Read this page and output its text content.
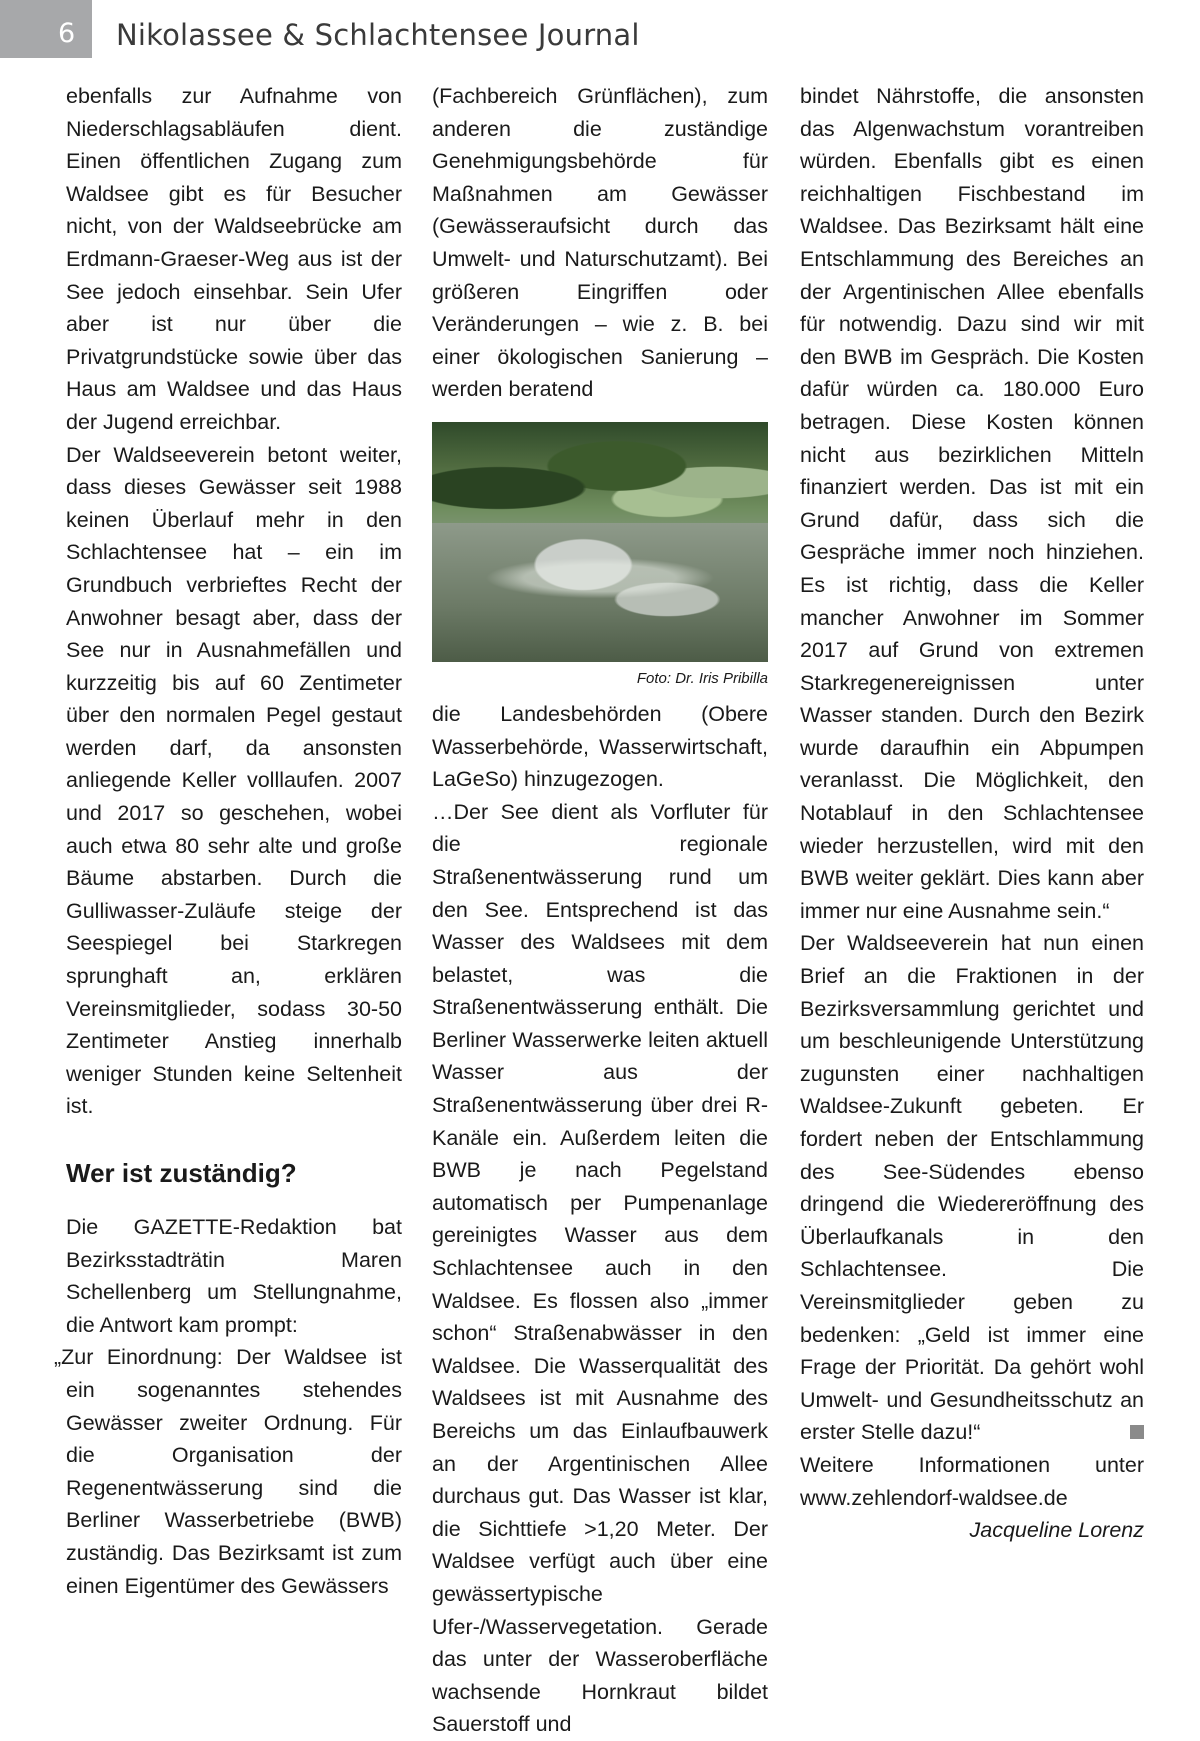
6 Nikolassee & Schlachtensee Journal

ebenfalls zur Aufnahme von Niederschlagsabläufen dient. Einen öffentlichen Zugang zum Waldsee gibt es für Besucher nicht, von der Waldseebrücke am Erdmann-Graeser-Weg aus ist der See jedoch einsehbar. Sein Ufer aber ist nur über die Privatgrundstücke sowie über das Haus am Waldsee und das Haus der Jugend erreichbar.

Der Waldseeverein betont weiter, dass dieses Gewässer seit 1988 keinen Überlauf mehr in den Schlachtensee hat – ein im Grundbuch verbrieftes Recht der Anwohner besagt aber, dass der See nur in Ausnahmefällen und kurzzeitig bis auf 60 Zentimeter über den normalen Pegel gestaut werden darf, da ansonsten anliegende Keller volllaufen. 2007 und 2017 so geschehen, wobei auch etwa 80 sehr alte und große Bäume abstarben. Durch die Gulliwasser-Zuläufe steige der Seespiegel bei Starkregen sprunghaft an, erklären Vereinsmitglieder, sodass 30-50 Zentimeter Anstieg innerhalb weniger Stunden keine Seltenheit ist.

Wer ist zuständig?

Die GAZETTE-Redaktion bat Bezirksstadträtin Maren Schellenberg um Stellungnahme, die Antwort kam prompt:

„Zur Einordnung: Der Waldsee ist ein sogenanntes stehendes Gewässer zweiter Ordnung. Für die Organisation der Regenentwässerung sind die Berliner Wasserbetriebe (BWB) zuständig. Das Bezirksamt ist zum einen Eigentümer des Gewässers

(Fachbereich Grünflächen), zum anderen die zuständige Genehmigungsbehörde für Maßnahmen am Gewässer (Gewässeraufsicht durch das Umwelt- und Naturschutzamt). Bei größeren Eingriffen oder Veränderungen – wie z. B. bei einer ökologischen Sanierung – werden beratend

Foto: Dr. Iris Pribilla

die Landesbehörden (Obere Wasserbehörde, Wasserwirtschaft, LaGeSo) hinzugezogen.

…Der See dient als Vorfluter für die regionale Straßenentwässerung rund um den See. Entsprechend ist das Wasser des Waldsees mit dem belastet, was die Straßenentwässerung enthält. Die Berliner Wasserwerke leiten aktuell Wasser aus der Straßenentwässerung über drei R-Kanäle ein. Außerdem leiten die BWB je nach Pegelstand automatisch per Pumpenanlage gereinigtes Wasser aus dem Schlachtensee auch in den Waldsee. Es flossen also „immer schon“ Straßenabwässer in den Waldsee. Die Wasserqualität des Waldsees ist mit Ausnahme des Bereichs um das Einlaufbauwerk an der Argentinischen Allee durchaus gut. Das Wasser ist klar, die Sichttiefe >1,20 Meter. Der Waldsee verfügt auch über eine gewässertypische Ufer-/Wasservegetation. Gerade das unter der Wasseroberfläche wachsende Hornkraut bildet Sauerstoff und

bindet Nährstoffe, die ansonsten das Algenwachstum vorantreiben würden. Ebenfalls gibt es einen reichhaltigen Fischbestand im Waldsee. Das Bezirksamt hält eine Entschlammung des Bereiches an der Argentinischen Allee ebenfalls für notwendig. Dazu sind wir mit den BWB im Gespräch. Die Kosten dafür würden ca. 180.000 Euro betragen. Diese Kosten können nicht aus bezirklichen Mitteln finanziert werden. Das ist mit ein Grund dafür, dass sich die Gespräche immer noch hinziehen. Es ist richtig, dass die Keller mancher Anwohner im Sommer 2017 auf Grund von extremen Starkregenereignissen unter Wasser standen. Durch den Bezirk wurde daraufhin ein Abpumpen veranlasst. Die Möglichkeit, den Notablauf in den Schlachtensee wieder herzustellen, wird mit den BWB weiter geklärt. Dies kann aber immer nur eine Ausnahme sein.“

Der Waldseeverein hat nun einen Brief an die Fraktionen in der Bezirksversammlung gerichtet und um beschleunigende Unterstützung zugunsten einer nachhaltigen Waldsee-Zukunft gebeten. Er fordert neben der Entschlammung des See-Südendes ebenso dringend die Wiedereröffnung des Überlaufkanals in den Schlachtensee. Die Vereinsmitglieder geben zu bedenken: „Geld ist immer eine Frage der Priorität. Da gehört wohl Umwelt- und Gesundheitsschutz an erster Stelle dazu!“

Weitere Informationen unter www.zehlendorf-waldsee.de

Jacqueline Lorenz
